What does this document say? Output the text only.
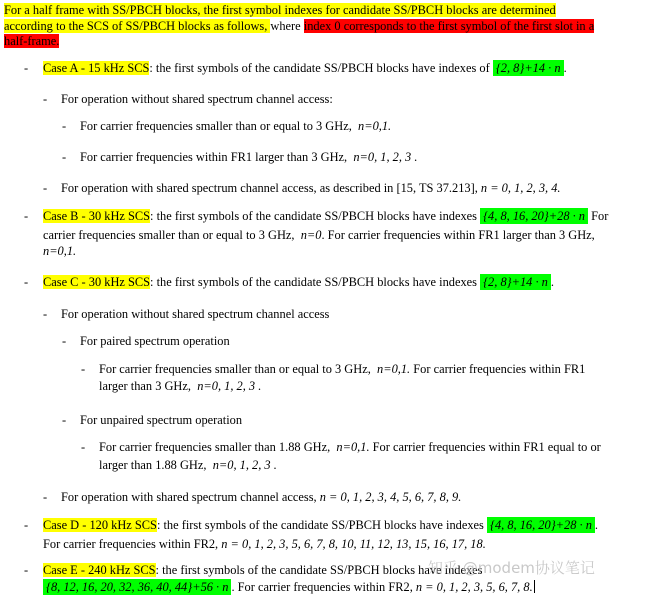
For a half frame with SS/PBCH blocks, the first symbol indexes for candidate SS/PBCH blocks are determined
according to the SCS of SS/PBCH blocks as follows, where index 0 corresponds to the first symbol of the first slot in a
half-frame.
- Case A - 15 kHz SCS: the first symbols of the candidate SS/PBCH blocks have indexes of {2, 8}+14 · n .
- For operation without shared spectrum channel access:
- For carrier frequencies smaller than or equal to 3 GHz,  n=0,1.
- For carrier frequencies within FR1 larger than 3 GHz,  n=0, 1, 2, 3 .
- For operation with shared spectrum channel access, as described in [15, TS 37.213], n = 0, 1, 2, 3, 4.
- Case B - 30 kHz SCS: the first symbols of the candidate SS/PBCH blocks have indexes {4, 8, 16, 20}+28 · n For
carrier frequencies smaller than or equal to 3 GHz,  n=0. For carrier frequencies within FR1 larger than 3 GHz,
n=0,1.
- Case C - 30 kHz SCS: the first symbols of the candidate SS/PBCH blocks have indexes {2, 8}+14 · n .
- For operation without shared spectrum channel access
- For paired spectrum operation
- For carrier frequencies smaller than or equal to 3 GHz,  n=0,1. For carrier frequencies within FR1
larger than 3 GHz,  n=0, 1, 2, 3 .
- For unpaired spectrum operation
- For carrier frequencies smaller than 1.88 GHz,  n=0,1. For carrier frequencies within FR1 equal to or
larger than 1.88 GHz,  n=0, 1, 2, 3 .
- For operation with shared spectrum channel access, n = 0, 1, 2, 3, 4, 5, 6, 7, 8, 9.
- Case D - 120 kHz SCS: the first symbols of the candidate SS/PBCH blocks have indexes {4, 8, 16, 20}+28 · n .
For carrier frequencies within FR2, n = 0, 1, 2, 3, 5, 6, 7, 8, 10, 11, 12, 13, 15, 16, 17, 18.
- Case E - 240 kHz SCS: the first symbols of the candidate SS/PBCH blocks have indexes
{8, 12, 16, 20, 32, 36, 40, 44}+56 · n . For carrier frequencies within FR2, n = 0, 1, 2, 3, 5, 6, 7, 8.
知乎 @modem协议笔记
